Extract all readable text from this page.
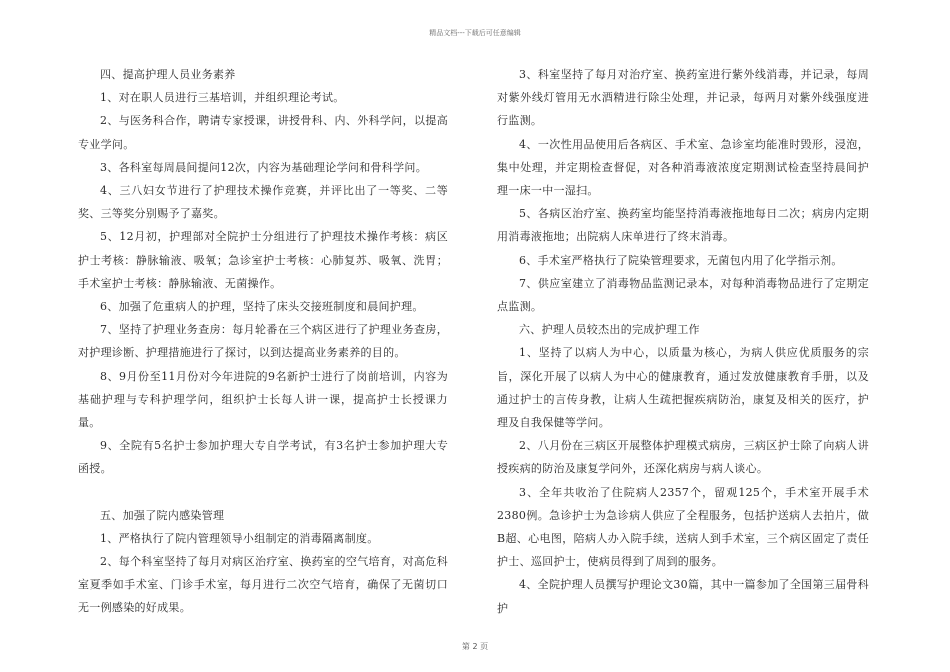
精品文档---下载后可任意编辑

四、提高护理人员业务素养

1、对在职人员进行三基培训，并组织理论考试。

2、与医务科合作，聘请专家授课，讲授骨科、内、外科学问，以提高专业学问。

3、各科室每周晨间提问12次，内容为基础理论学问和骨科学问。

4、三八妇女节进行了护理技术操作竞赛，并评比出了一等奖、二等奖、三等奖分别赐予了嘉奖。

5、12月初，护理部对全院护士分组进行了护理技术操作考核：病区护士考核：静脉输液、吸氧；急诊室护士考核：心肺复苏、吸氧、洗胃；手术室护士考核：静脉输液、无菌操作。

6、加强了危重病人的护理，坚持了床头交接班制度和晨间护理。

7、坚持了护理业务查房：每月轮番在三个病区进行了护理业务查房，对护理诊断、护理措施进行了探讨，以到达提高业务素养的目的。

8、9月份至11月份对今年进院的9名新护士进行了岗前培训，内容为基础护理与专科护理学问，组织护士长每人讲一课，提高护士长授课力量。

9、全院有5名护士参加护理大专自学考试，有3名护士参加护理大专函授。

五、加强了院内感染管理

1、严格执行了院内管理领导小组制定的消毒隔离制度。

2、每个科室坚持了每月对病区治疗室、换药室的空气培育，对高危科室夏季如手术室、门诊手术室，每月进行二次空气培育，确保了无菌切口无一例感染的好成果。

3、科室坚持了每月对治疗室、换药室进行紫外线消毒，并记录，每周对紫外线灯管用无水酒精进行除尘处理，并记录，每两月对紫外线强度进行监测。

4、一次性用品使用后各病区、手术室、急诊室均能准时毁形，浸泡，集中处理，并定期检查督促，对各种消毒液浓度定期测试检查坚持晨间护理一床一中一湿扫。

5、各病区治疗室、换药室均能坚持消毒液拖地每日二次；病房内定期用消毒液拖地；出院病人床单进行了终末消毒。

6、手术室严格执行了院染管理要求，无菌包内用了化学指示剂。

7、供应室建立了消毒物品监测记录本，对每种消毒物品进行了定期定点监测。

六、护理人员较杰出的完成护理工作

1、坚持了以病人为中心，以质量为核心，为病人供应优质服务的宗旨，深化开展了以病人为中心的健康教育，通过发放健康教育手册，以及通过护士的言传身教，让病人生疏把握疾病防治，康复及相关的医疗，护理及自我保健等学问。

2、八月份在三病区开展整体护理模式病房，三病区护士除了向病人讲授疾病的防治及康复学问外，还深化病房与病人谈心。

3、全年共收治了住院病人2357个，留观125个，手术室开展手术2380例。急诊护士为急诊病人供应了全程服务，包括护送病人去拍片，做B超、心电图，陪病人办入院手续，送病人到手术室，三个病区固定了责任护士、巡回护士，使病员得到了周到的服务。

4、全院护理人员撰写护理论文30篇，其中一篇参加了全国第三届骨科护

第 2 页
